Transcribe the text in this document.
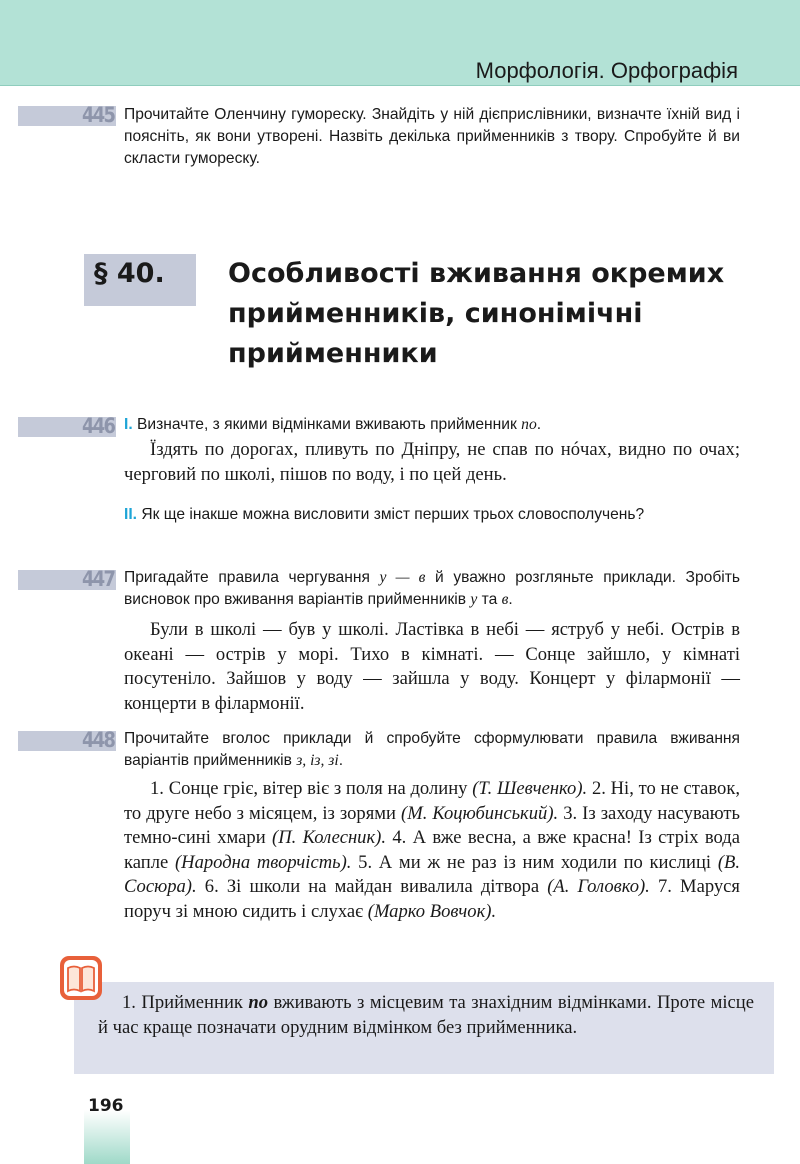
Морфологія. Орфографія
445 Прочитайте Оленчину гумореску. Знайдіть у ній дієприслівники, визначте їхній вид і поясніть, як вони утворені. Назвіть декілька прийменників з твору. Спробуйте й ви скласти гумореску.
§ 40. Особливості вживання окремих прийменників, синонімічні прийменники
446 I. Визначте, з якими відмінками вживають прийменник по.
Їздять по дорогах, пливуть по Дніпру, не спав по нóчах, видно по очах; черговий по школі, пішов по воду, і по цей день.
II. Як ще інакше можна висловити зміст перших трьох словосполучень?
447 Пригадайте правила чергування у — в й уважно розгляньте приклади. Зробіть висновок про вживання варіантів прийменників у та в.
Були в школі — був у школі. Ластівка в небі — яструб у небі. Острів в океані — острів у морі. Тихо в кімнаті. — Сонце зайшло, у кімнаті посутеніло. Зайшов у воду — зайшла у воду. Концерт у філармонії — концерти в філармонії.
448 Прочитайте вголос приклади й спробуйте сформулювати правила вживання варіантів прийменників з, із, зі.
1. Сонце гріє, вітер віє з поля на долину (Т. Шевченко). 2. Ні, то не ставок, то друге небо з місяцем, із зорями (М. Коцюбинський). 3. Із заходу насувають темно-сині хмари (П. Колесник). 4. А вже весна, а вже красна! Із стріх вода капле (Народна творчість). 5. А ми ж не раз із ним ходили по кислиці (В. Сосюра). 6. Зі школи на майдан вивалила дітвора (А. Головко). 7. Маруся поруч зі мною сидить і слухає (Марко Вовчок).
1. Прийменник по вживають з місцевим та знахідним відмінками. Проте місце й час краще позначати орудним відмінком без прийменника.
196
